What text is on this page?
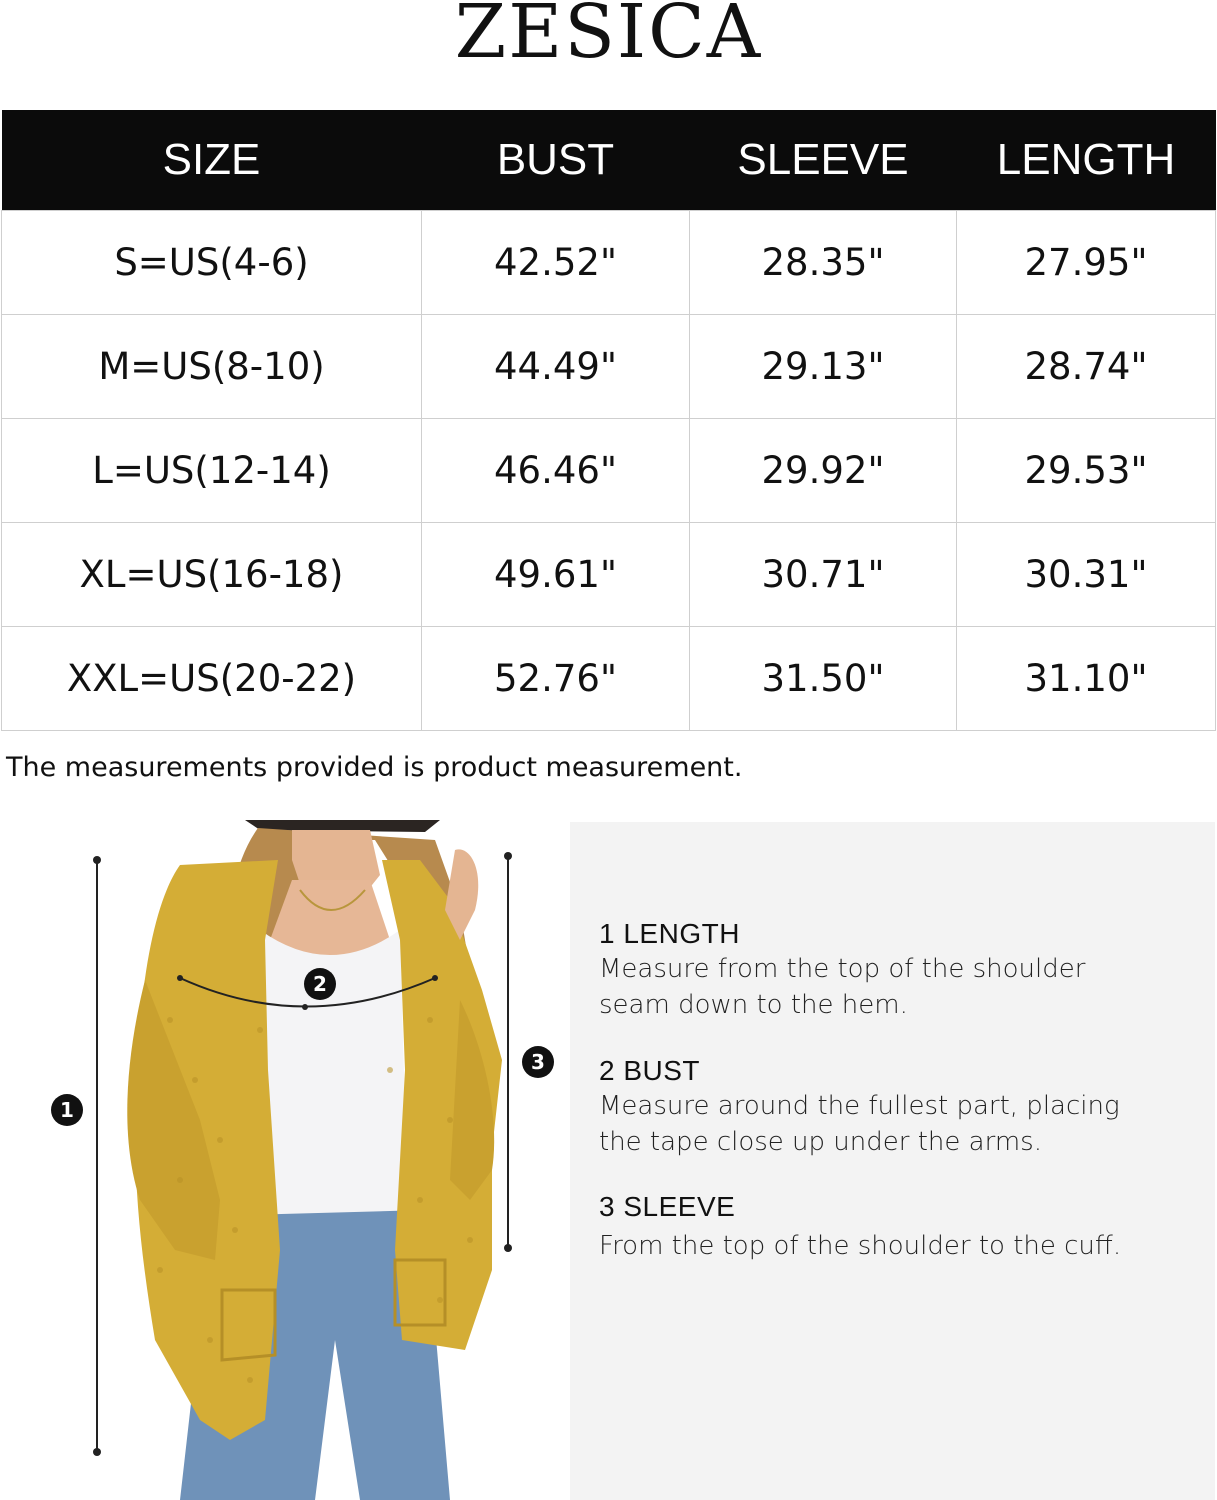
ZESICA
SIZE	BUST	SLEEVE	LENGTH
S=US(4-6)	42.52"	28.35"	27.95"
M=US(8-10)	44.49"	29.13"	28.74"
L=US(12-14)	46.46"	29.92"	29.53"
XL=US(16-18)	49.61"	30.71"	30.31"
XXL=US(20-22)	52.76"	31.50"	31.10"
The measurements provided is product measurement.
1
2
3
1 LENGTH
Measure from the top of the shoulder
seam down to the hem.
2 BUST
Measure around the fullest part, placing
the tape close up under the arms.
3 SLEEVE
From the top of the shoulder to the cuff.
